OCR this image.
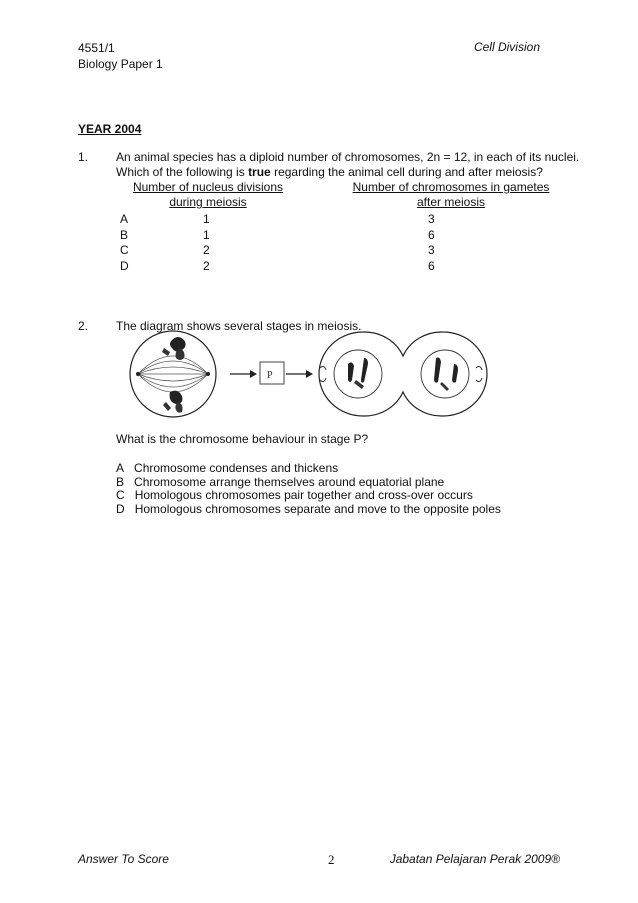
4551/1
Biology Paper 1
Cell Division
YEAR 2004
1. An animal species has a diploid number of chromosomes, 2n = 12, in each of its nuclei.
Which of the following is true regarding the animal cell during and after meiosis?
Number of nucleus divisions
during meiosis
Number of chromosomes in gametes
after meiosis
A	1	3
B	1	6
C	2	3
D	2	6
2. The diagram shows several stages in meiosis.
P
What is the chromosome behaviour in stage P?
A Chromosome condenses and thickens
B Chromosome arrange themselves around equatorial plane
C Homologous chromosomes pair together and cross-over occurs
D Homologous chromosomes separate and move to the opposite poles
Answer To Score	2	Jabatan Pelajaran Perak 2009®
